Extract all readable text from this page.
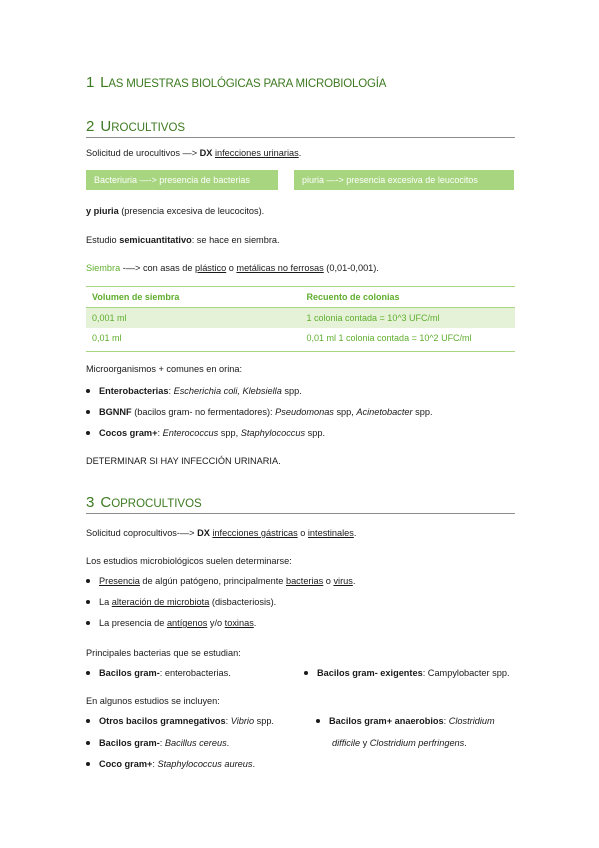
1 LAS MUESTRAS BIOLÓGICAS PARA MICROBIOLOGÍA
2 UROCULTIVOS
Solicitud de urocultivos —> DX infecciones urinarias.
Bacteriuria —-> presencia de bacterias	piuria —-> presencia excesiva de leucocitos
y piuria (presencia excesiva de leucocitos).
Estudio semicuantitativo: se hace en siembra.
Siembra -—> con asas de plástico o metálicas no ferrosas (0,01-0,001).
Volumen de siembra	Recuento de colonias
0,001 ml	1 colonia contada = 10^3 UFC/ml
0,01 ml	0,01 ml 1 colonia contada = 10^2 UFC/ml
Microorganismos + comunes en orina:
Enterobacterias: Escherichia coli, Klebsiella spp.
BGNNF (bacilos gram- no fermentadores): Pseudomonas spp, Acinetobacter spp.
Cocos gram+: Enterococcus spp, Staphylococcus spp.
DETERMINAR SI HAY INFECCIÓN URINARIA.
3 COPROCULTIVOS
Solicitud coprocultivos-—> DX infecciones gástricas o intestinales.
Los estudios microbiológicos suelen determinarse:
Presencia de algún patógeno, principalmente bacterias o virus.
La alteración de microbiota (disbacteriosis).
La presencia de antígenos y/o toxinas.
Principales bacterias que se estudian:
Bacilos gram-: enterobacterias.	Bacilos gram- exigentes: Campylobacter spp.
En algunos estudios se incluyen:
Otros bacilos gramnegativos: Vibrio spp.
Bacilos gram-: Bacillus cereus.
Coco gram+: Staphylococcus aureus.
Bacilos gram+ anaerobios: Clostridium
difficile y Clostridium perfringens.
